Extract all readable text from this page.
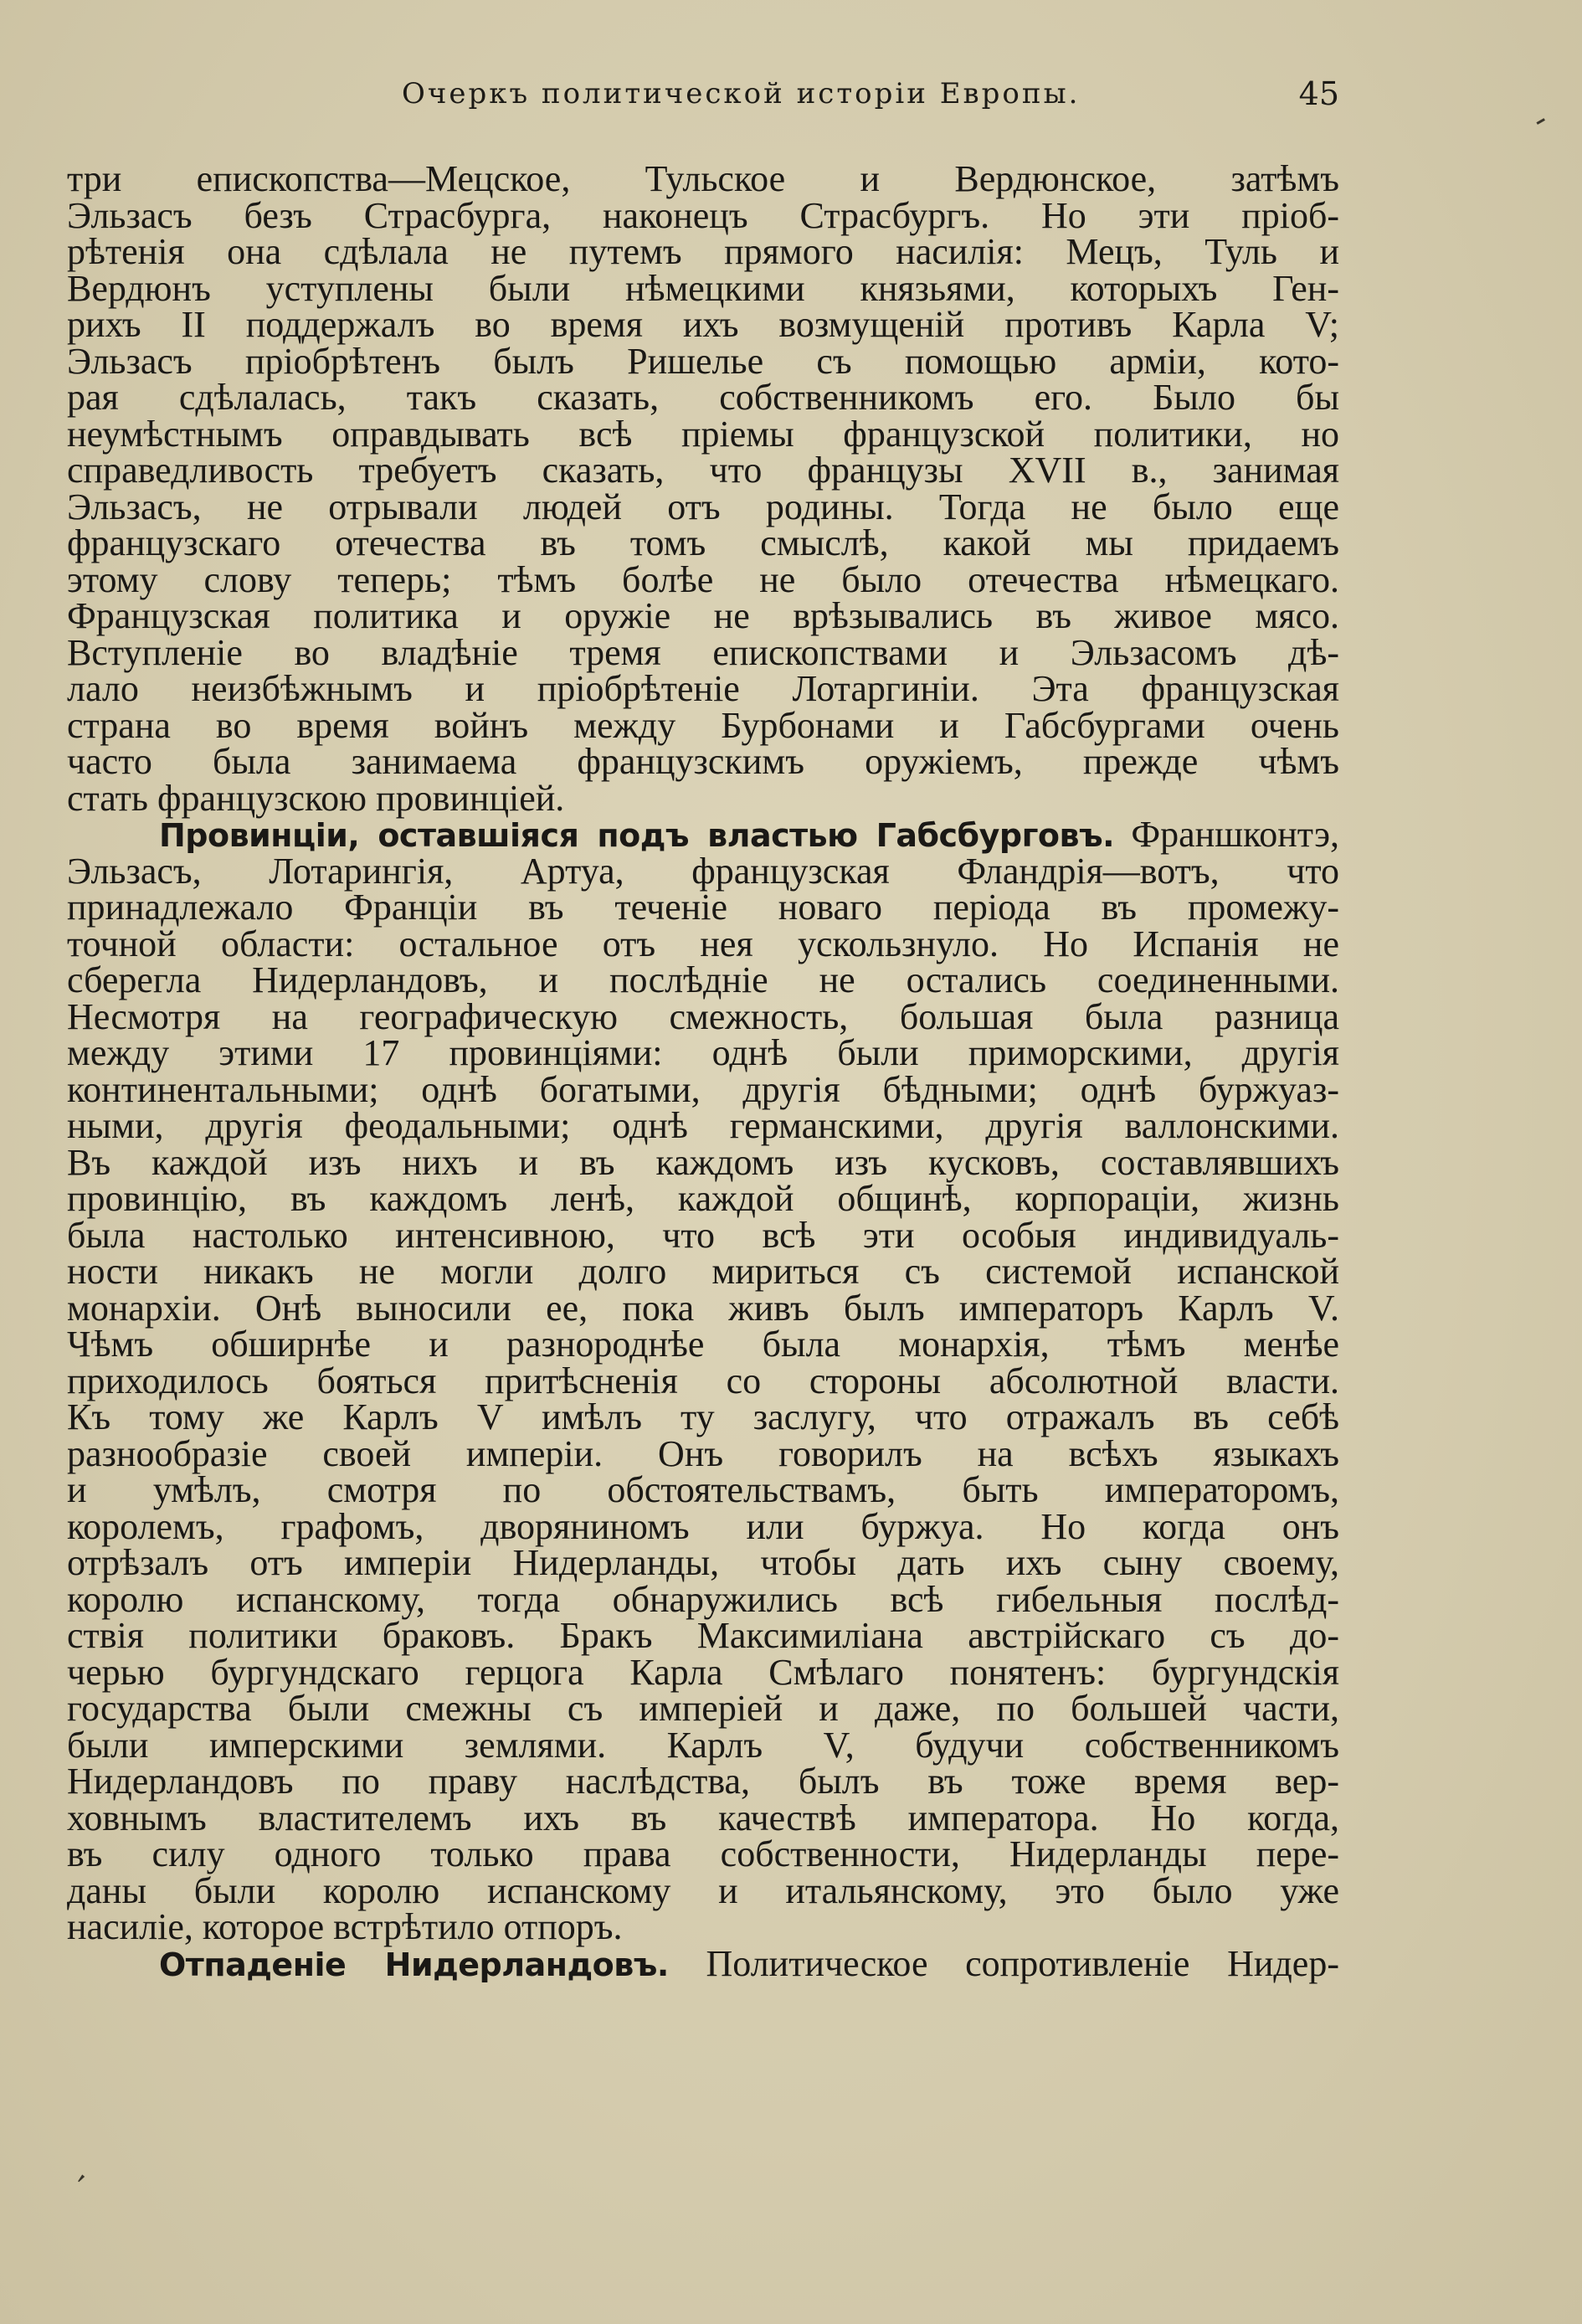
Очеркъ политической исторіи Европы.	45
три епископства—Мецское, Тульское и Вердюнское, затѣмъ
Эльзасъ безъ Страсбурга, наконецъ Страсбургъ. Но эти пріоб-
рѣтенія она сдѣлала не путемъ прямого насилія: Мецъ, Туль и
Вердюнъ уступлены были нѣмецкими князьями, которыхъ Ген-
рихъ II поддержалъ во время ихъ возмущеній противъ Карла V;
Эльзасъ пріобрѣтенъ былъ Ришелье съ помощью арміи, кото-
рая сдѣлалась, такъ сказать, собственникомъ его. Было бы
неумѣстнымъ оправдывать всѣ пріемы французской политики, но
справедливость требуетъ сказать, что французы XVII в., занимая
Эльзасъ, не отрывали людей отъ родины. Тогда не было еще
французскаго отечества въ томъ смыслѣ, какой мы придаемъ
этому слову теперь; тѣмъ болѣе не было отечества нѣмецкаго.
Французская политика и оружіе не врѣзывались въ живое мясо.
Вступленіе во владѣніе тремя епископствами и Эльзасомъ дѣ-
лало неизбѣжнымъ и пріобрѣтеніе Лотаргиніи. Эта французская
страна во время войнъ между Бурбонами и Габсбургами очень
часто была занимаема французскимъ оружіемъ, прежде чѣмъ
стать французскою провинціей.
Провинціи, оставшіяся подъ властью Габсбурговъ. Франшконтэ,
Эльзасъ, Лотарингія, Артуа, французская Фландрія—вотъ, что
принадлежало Франціи въ теченіе новаго періода въ промежу-
точной области: остальное отъ нея ускользнуло. Но Испанія не
сберегла Нидерландовъ, и послѣдніе не остались соединенными.
Несмотря на географическую смежность, большая была разница
между этими 17 провинціями: однѣ были приморскими, другія
континентальными; однѣ богатыми, другія бѣдными; однѣ буржуаз-
ными, другія феодальными; однѣ германскими, другія валлонскими.
Въ каждой изъ нихъ и въ каждомъ изъ кусковъ, составлявшихъ
провинцію, въ каждомъ ленѣ, каждой общинѣ, корпораціи, жизнь
была настолько интенсивною, что всѣ эти особыя индивидуаль-
ности никакъ не могли долго мириться съ системой испанской
монархіи. Онѣ выносили ее, пока живъ былъ императоръ Карлъ V.
Чѣмъ обширнѣе и разнороднѣе была монархія, тѣмъ менѣе
приходилось бояться притѣсненія со стороны абсолютной власти.
Къ тому же Карлъ V имѣлъ ту заслугу, что отражалъ въ себѣ
разнообразіе своей имперіи. Онъ говорилъ на всѣхъ языкахъ
и умѣлъ, смотря по обстоятельствамъ, быть императоромъ,
королемъ, графомъ, дворяниномъ или буржуа. Но когда онъ
отрѣзалъ отъ имперіи Нидерланды, чтобы дать ихъ сыну своему,
королю испанскому, тогда обнаружились всѣ гибельныя послѣд-
ствія политики браковъ. Бракъ Максимиліана австрійскаго съ до-
черью бургундскаго герцога Карла Смѣлаго понятенъ: бургундскія
государства были смежны съ имперіей и даже, по большей части,
были имперскими землями. Карлъ V, будучи собственникомъ
Нидерландовъ по праву наслѣдства, былъ въ тоже время вер-
ховнымъ властителемъ ихъ въ качествѣ императора. Но когда,
въ силу одного только права собственности, Нидерланды пере-
даны были королю испанскому и итальянскому, это было уже
насиліе, которое встрѣтило отпоръ.
Отпаденіе Нидерландовъ. Политическое сопротивленіе Нидер-
-
'
